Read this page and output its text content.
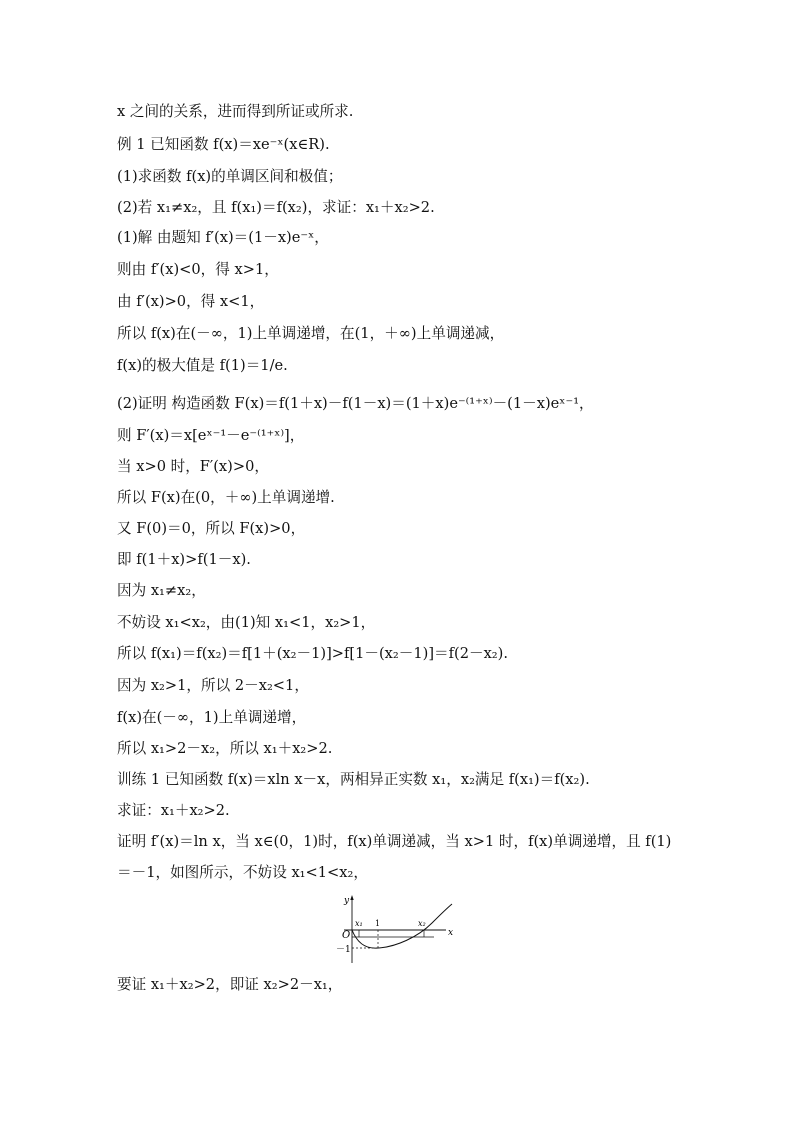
x 之间的关系，进而得到所证或所求.
例 1 已知函数 f(x)＝xe⁻ˣ(x∈R).
(1)求函数 f(x)的单调区间和极值；
(2)若 x₁≠x₂，且 f(x₁)＝f(x₂)，求证：x₁＋x₂>2.
(1)解 由题知 f′(x)＝(1－x)e⁻ˣ，
则由 f′(x)<0，得 x>1，
由 f′(x)>0，得 x<1，
所以 f(x)在(－∞，1)上单调递增，在(1，＋∞)上单调递减，
f(x)的极大值是 f(1)＝1/e.
(2)证明 构造函数 F(x)＝f(1＋x)－f(1－x)＝(1＋x)e⁻⁽¹⁺ˣ⁾－(1－x)eˣ⁻¹，
则 F′(x)＝x[eˣ⁻¹－e⁻⁽¹⁺ˣ⁾]，
当 x>0 时，F′(x)>0，
所以 F(x)在(0，＋∞)上单调递增.
又 F(0)＝0，所以 F(x)>0，
即 f(1＋x)>f(1－x).
因为 x₁≠x₂，
不妨设 x₁<x₂，由(1)知 x₁<1，x₂>1，
所以 f(x₁)＝f(x₂)＝f[1＋(x₂－1)]>f[1－(x₂－1)]＝f(2－x₂).
因为 x₂>1，所以 2－x₂<1，
f(x)在(－∞，1)上单调递增，
所以 x₁>2－x₂，所以 x₁＋x₂>2.
训练 1 已知函数 f(x)＝xln x－x，两相异正实数 x₁，x₂满足 f(x₁)＝f(x₂).
求证：x₁＋x₂>2.
证明 f′(x)＝ln x，当 x∈(0，1)时，f(x)单调递减，当 x>1 时，f(x)单调递增，且 f(1)
＝－1，如图所示，不妨设 x₁<1<x₂，
y
x
O
x₁ 1	x₂
－1
要证 x₁＋x₂>2，即证 x₂>2－x₁，
